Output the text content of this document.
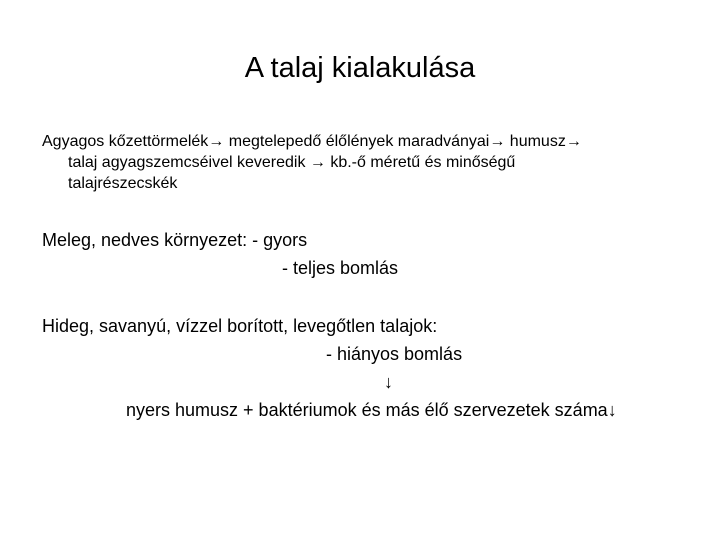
A talaj kialakulása
Agyagos kőzettörmelék→ megtelepedő élőlények maradványai→ humusz→
talaj agyagszemcséivel keveredik → kb.-ő méretű és minőségű
talajrészecskék
Meleg, nedves környezet: - gyors
- teljes bomlás
Hideg, savanyú, vízzel borított, levegőtlen talajok:
- hiányos bomlás
↓
nyers humusz + baktériumok és más élő szervezetek száma↓
